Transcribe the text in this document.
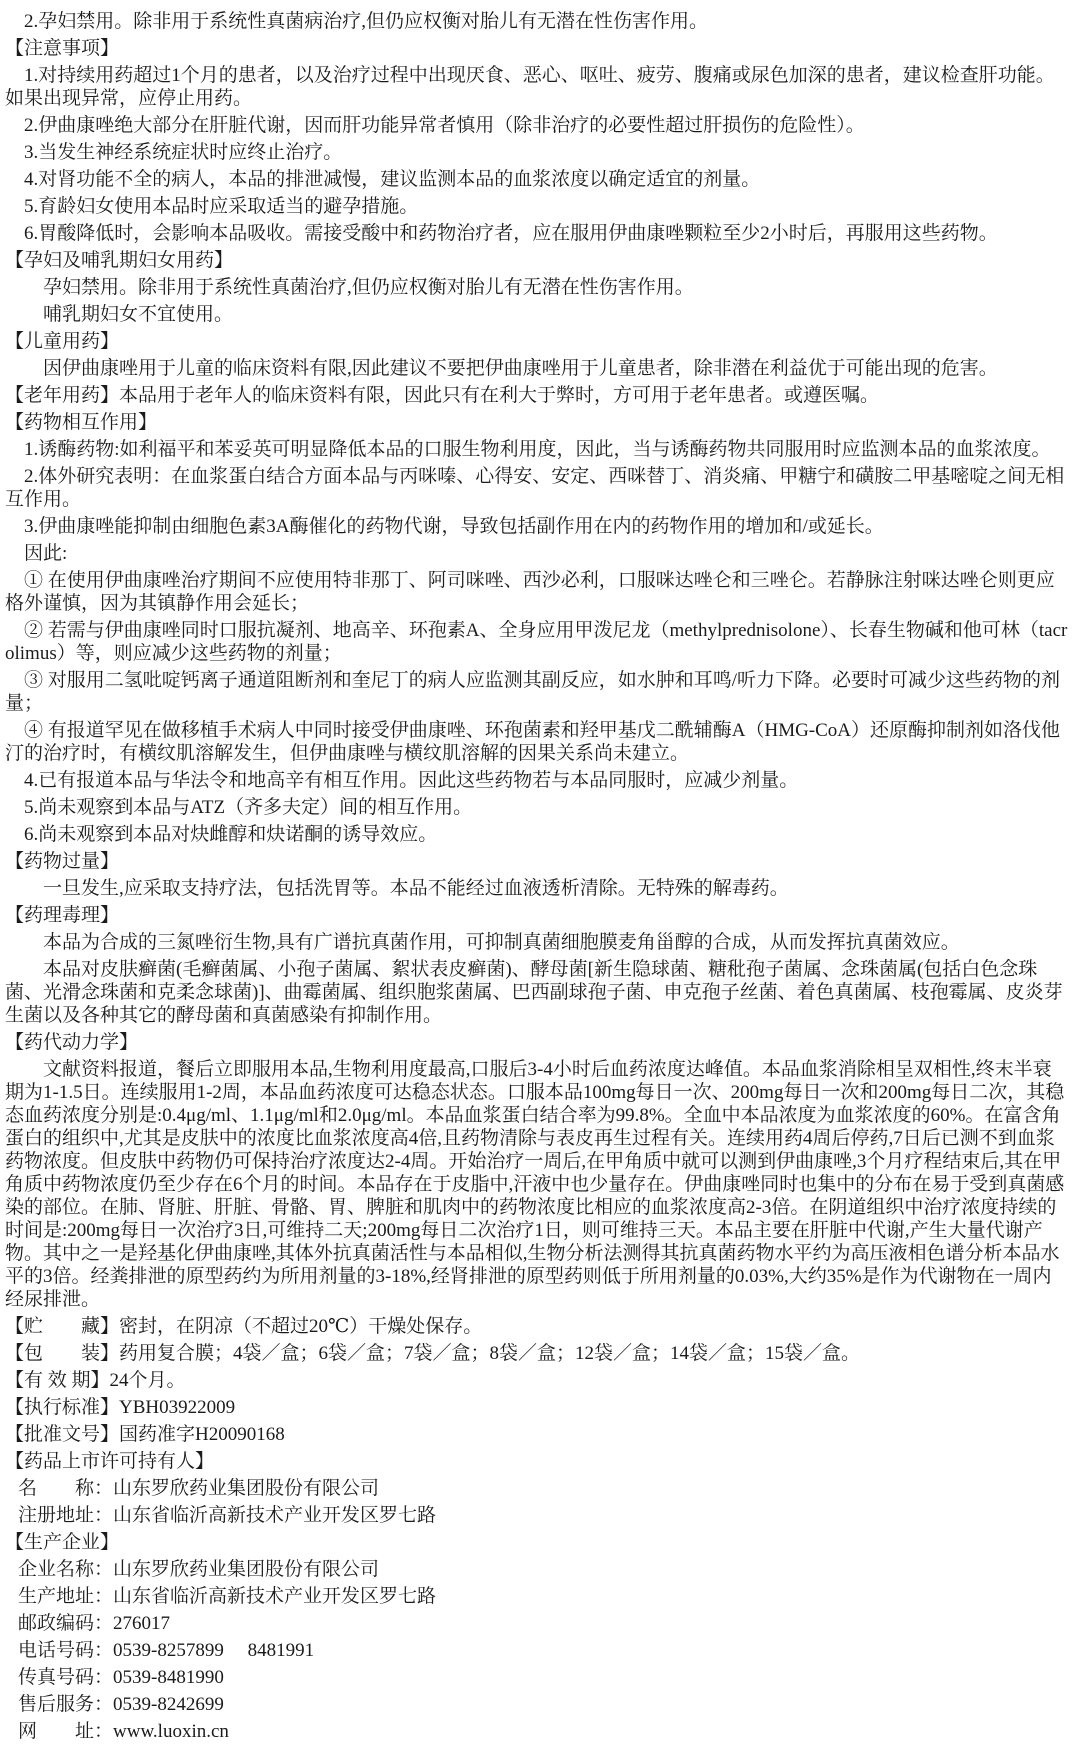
2.孕妇禁用。除非用于系统性真菌病治疗,但仍应权衡对胎儿有无潜在性伤害作用。

【注意事项】

1.对持续用药超过1个月的患者，以及治疗过程中出现厌食、恶心、呕吐、疲劳、腹痛或尿色加深的患者，建议检查肝功能。如果出现异常，应停止用药。

2.伊曲康唑绝大部分在肝脏代谢，因而肝功能异常者慎用（除非治疗的必要性超过肝损伤的危险性）。

3.当发生神经系统症状时应终止治疗。

4.对肾功能不全的病人，本品的排泄减慢，建议监测本品的血浆浓度以确定适宜的剂量。

5.育龄妇女使用本品时应采取适当的避孕措施。

6.胃酸降低时，会影响本品吸收。需接受酸中和药物治疗者，应在服用伊曲康唑颗粒至少2小时后，再服用这些药物。

【孕妇及哺乳期妇女用药】

孕妇禁用。除非用于系统性真菌治疗,但仍应权衡对胎儿有无潜在性伤害作用。

哺乳期妇女不宜使用。

【儿童用药】

因伊曲康唑用于儿童的临床资料有限,因此建议不要把伊曲康唑用于儿童患者，除非潜在利益优于可能出现的危害。

【老年用药】本品用于老年人的临床资料有限，因此只有在利大于弊时，方可用于老年患者。或遵医嘱。

【药物相互作用】

1.诱酶药物:如利福平和苯妥英可明显降低本品的口服生物利用度，因此，当与诱酶药物共同服用时应监测本品的血浆浓度。

2.体外研究表明：在血浆蛋白结合方面本品与丙咪嗪、心得安、安定、西咪替丁、消炎痛、甲糖宁和磺胺二甲基嘧啶之间无相互作用。

3.伊曲康唑能抑制由细胞色素3A酶催化的药物代谢，导致包括副作用在内的药物作用的增加和/或延长。

因此:

① 在使用伊曲康唑治疗期间不应使用特非那丁、阿司咪唑、西沙必利，口服咪达唑仑和三唑仑。若静脉注射咪达唑仑则更应格外谨慎，因为其镇静作用会延长；

② 若需与伊曲康唑同时口服抗凝剂、地高辛、环孢素A、全身应用甲泼尼龙（methylprednisolone）、长春生物碱和他可林（tacrolimus）等，则应减少这些药物的剂量；

③ 对服用二氢吡啶钙离子通道阻断剂和奎尼丁的病人应监测其副反应，如水肿和耳鸣/听力下降。必要时可减少这些药物的剂量；

④ 有报道罕见在做移植手术病人中同时接受伊曲康唑、环孢菌素和羟甲基戊二酰辅酶A（HMG-CoA）还原酶抑制剂如洛伐他汀的治疗时，有横纹肌溶解发生，但伊曲康唑与横纹肌溶解的因果关系尚未建立。

4.已有报道本品与华法令和地高辛有相互作用。因此这些药物若与本品同服时，应减少剂量。

5.尚未观察到本品与ATZ（齐多夫定）间的相互作用。

6.尚未观察到本品对炔雌醇和炔诺酮的诱导效应。

【药物过量】

一旦发生,应采取支持疗法，包括洗胃等。本品不能经过血液透析清除。无特殊的解毒药。

【药理毒理】

本品为合成的三氮唑衍生物,具有广谱抗真菌作用，可抑制真菌细胞膜麦角甾醇的合成，从而发挥抗真菌效应。

本品对皮肤癣菌(毛癣菌属、小孢子菌属、絮状表皮癣菌)、酵母菌[新生隐球菌、糖秕孢子菌属、念珠菌属(包括白色念珠菌、光滑念珠菌和克柔念球菌)]、曲霉菌属、组织胞浆菌属、巴西副球孢子菌、申克孢子丝菌、着色真菌属、枝孢霉属、皮炎芽生菌以及各种其它的酵母菌和真菌感染有抑制作用。

【药代动力学】

文献资料报道，餐后立即服用本品,生物利用度最高,口服后3-4小时后血药浓度达峰值。本品血浆消除相呈双相性,终末半衰期为1-1.5日。连续服用1-2周，本品血药浓度可达稳态状态。口服本品100mg每日一次、200mg每日一次和200mg每日二次，其稳态血药浓度分别是:0.4μg/ml、1.1μg/ml和2.0μg/ml。本品血浆蛋白结合率为99.8%。全血中本品浓度为血浆浓度的60%。在富含角蛋白的组织中,尤其是皮肤中的浓度比血浆浓度高4倍,且药物清除与表皮再生过程有关。连续用药4周后停药,7日后已测不到血浆药物浓度。但皮肤中药物仍可保持治疗浓度达2-4周。开始治疗一周后,在甲角质中就可以测到伊曲康唑,3个月疗程结束后,其在甲角质中药物浓度仍至少存在6个月的时间。本品存在于皮脂中,汗液中也少量存在。伊曲康唑同时也集中的分布在易于受到真菌感染的部位。在肺、肾脏、肝脏、骨骼、胃、脾脏和肌肉中的药物浓度比相应的血浆浓度高2-3倍。在阴道组织中治疗浓度持续的时间是:200mg每日一次治疗3日,可维持二天;200mg每日二次治疗1日，则可维持三天。本品主要在肝脏中代谢,产生大量代谢产物。其中之一是羟基化伊曲康唑,其体外抗真菌活性与本品相似,生物分析法测得其抗真菌药物水平约为高压液相色谱分析本品水平的3倍。经粪排泄的原型药约为所用剂量的3-18%,经肾排泄的原型药则低于所用剂量的0.03%,大约35%是作为代谢物在一周内经尿排泄。

【贮　　藏】密封，在阴凉（不超过20℃）干燥处保存。

【包　　装】药用复合膜；4袋／盒；6袋／盒；7袋／盒；8袋／盒；12袋／盒；14袋／盒；15袋／盒。

【有 效 期】24个月。

【执行标准】YBH03922009

【批准文号】国药准字H20090168

【药品上市许可持有人】

名　　称：山东罗欣药业集团股份有限公司

注册地址：山东省临沂高新技术产业开发区罗七路

【生产企业】

企业名称：山东罗欣药业集团股份有限公司

生产地址：山东省临沂高新技术产业开发区罗七路

邮政编码：276017

电话号码：0539-8257899　 8481991

传真号码：0539-8481990

售后服务：0539-8242699

网　　址：www.luoxin.cn
